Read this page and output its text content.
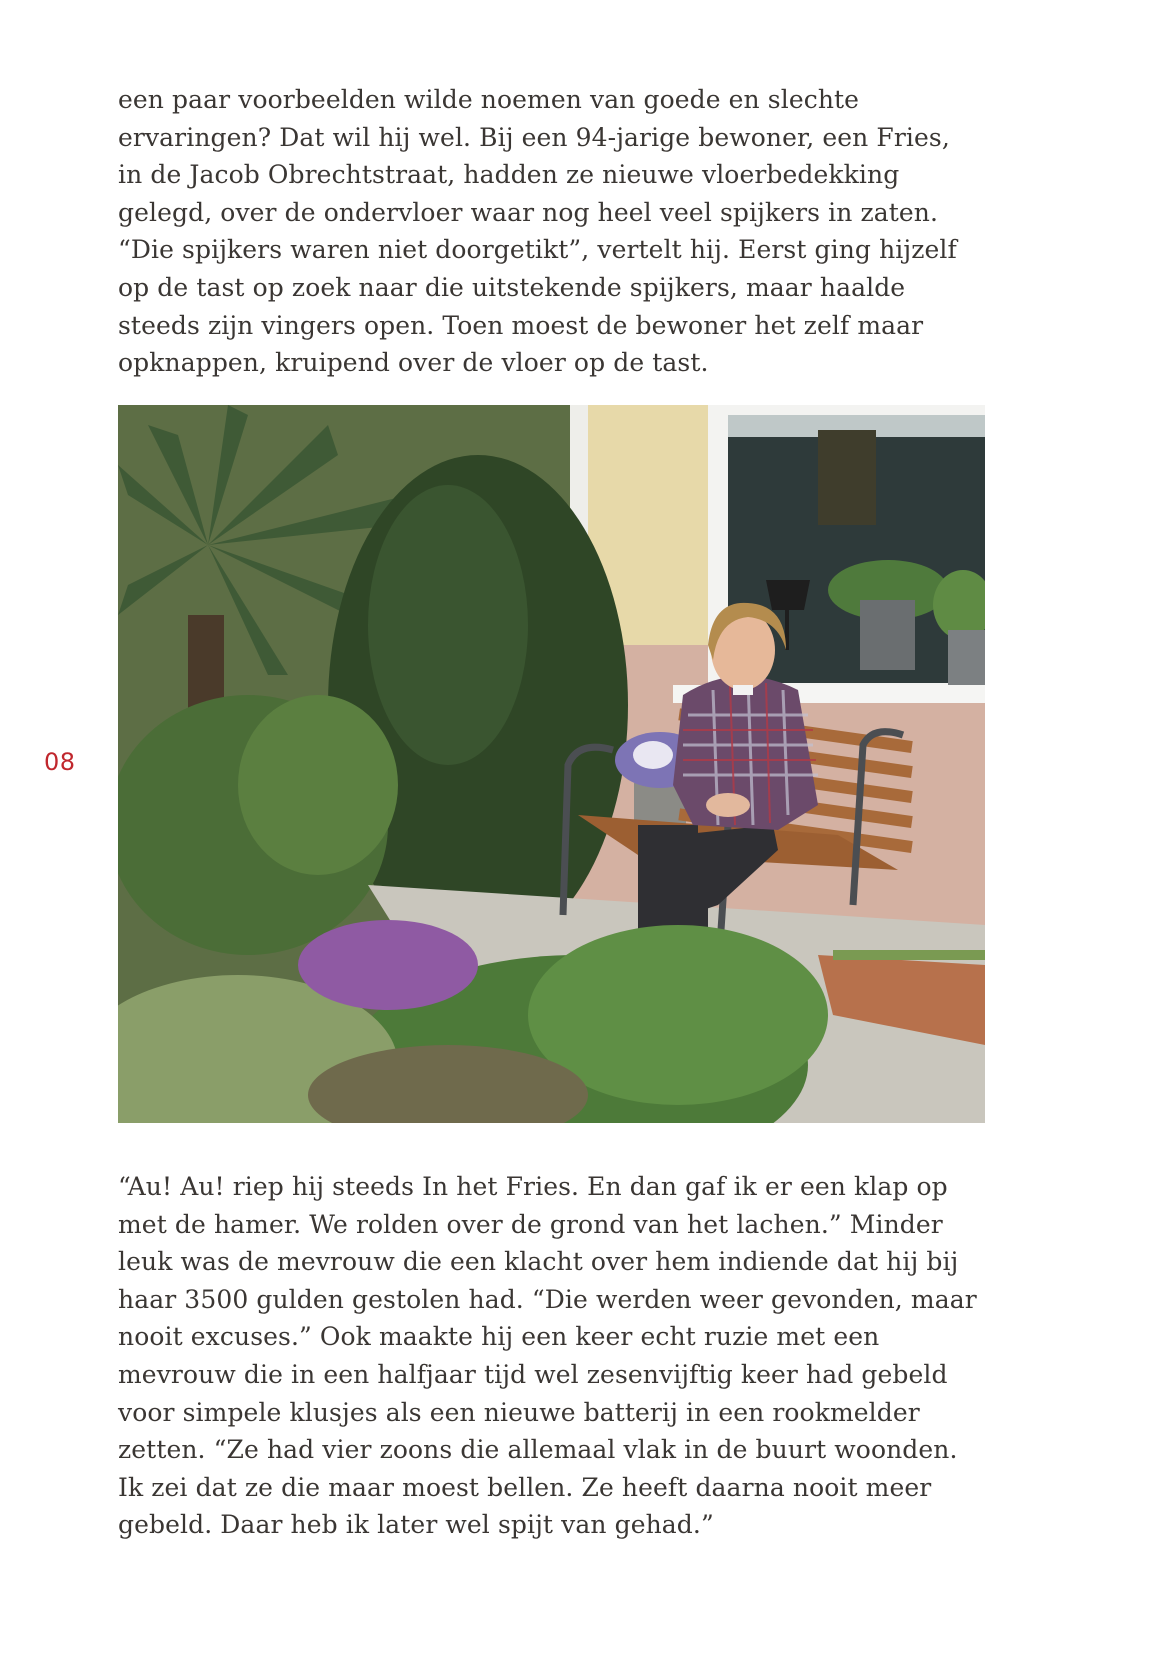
een paar voorbeelden wilde noemen van goede en slechte
ervaringen? Dat wil hij wel. Bij een 94-jarige bewoner, een Fries,
in de Jacob Obrechtstraat, hadden ze nieuwe vloerbedekking
gelegd, over de ondervloer waar nog heel veel spijkers in zaten.
“Die spijkers waren niet doorgetikt”, vertelt hij. Eerst ging hijzelf
op de tast op zoek naar die uitstekende spijkers, maar haalde
steeds zijn vingers open. Toen moest de bewoner het zelf maar
opknappen, kruipend over de vloer op de tast.

08

“Au! Au! riep hij steeds In het Fries. En dan gaf ik er een klap op
met de hamer. We rolden over de grond van het lachen.” Minder
leuk was de mevrouw die een klacht over hem indiende dat hij bij
haar 3500 gulden gestolen had. “Die werden weer gevonden, maar
nooit excuses.” Ook maakte hij een keer echt ruzie met een
mevrouw die in een halfjaar tijd wel zesenvijftig keer had gebeld
voor simpele klusjes als een nieuwe batterij in een rookmelder
zetten. “Ze had vier zoons die allemaal vlak in de buurt woonden.
Ik zei dat ze die maar moest bellen. Ze heeft daarna nooit meer
gebeld. Daar heb ik later wel spijt van gehad.”
